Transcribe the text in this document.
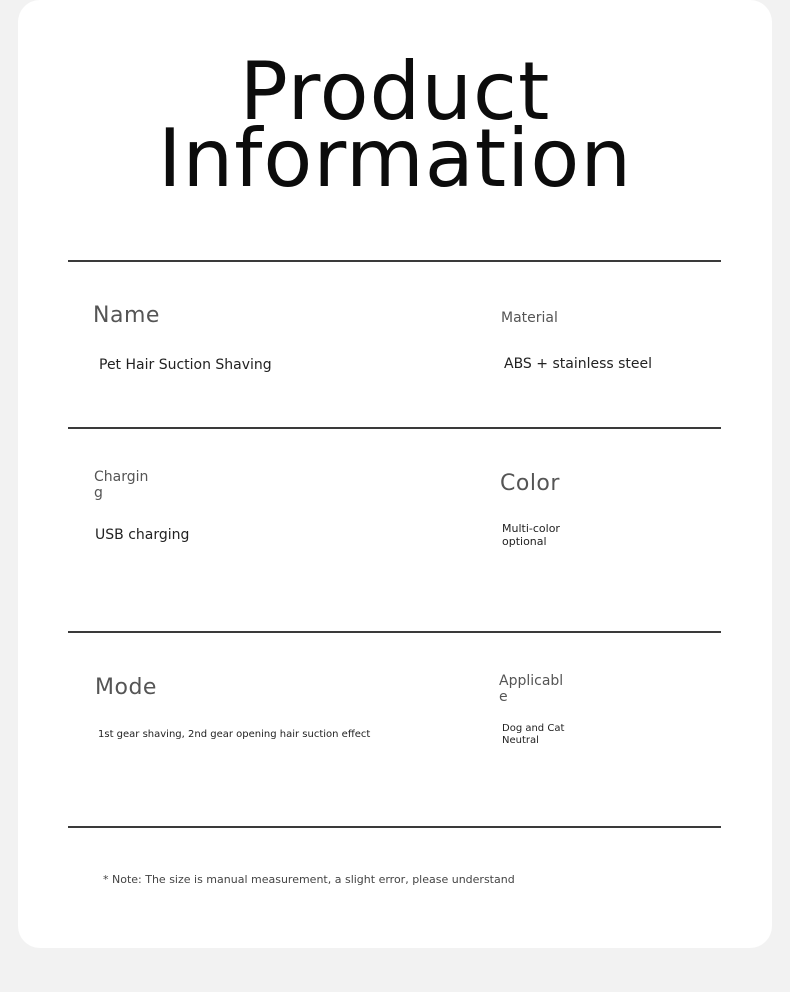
Product
Information
Name
Pet Hair Suction Shaving
Material
ABS + stainless steel
Chargin
g
USB charging
Color
Multi-color
optional
Mode
1st gear shaving, 2nd gear opening hair suction effect
Applicabl
e
Dog and Cat
Neutral
* Note: The size is manual measurement, a slight error, please understand
